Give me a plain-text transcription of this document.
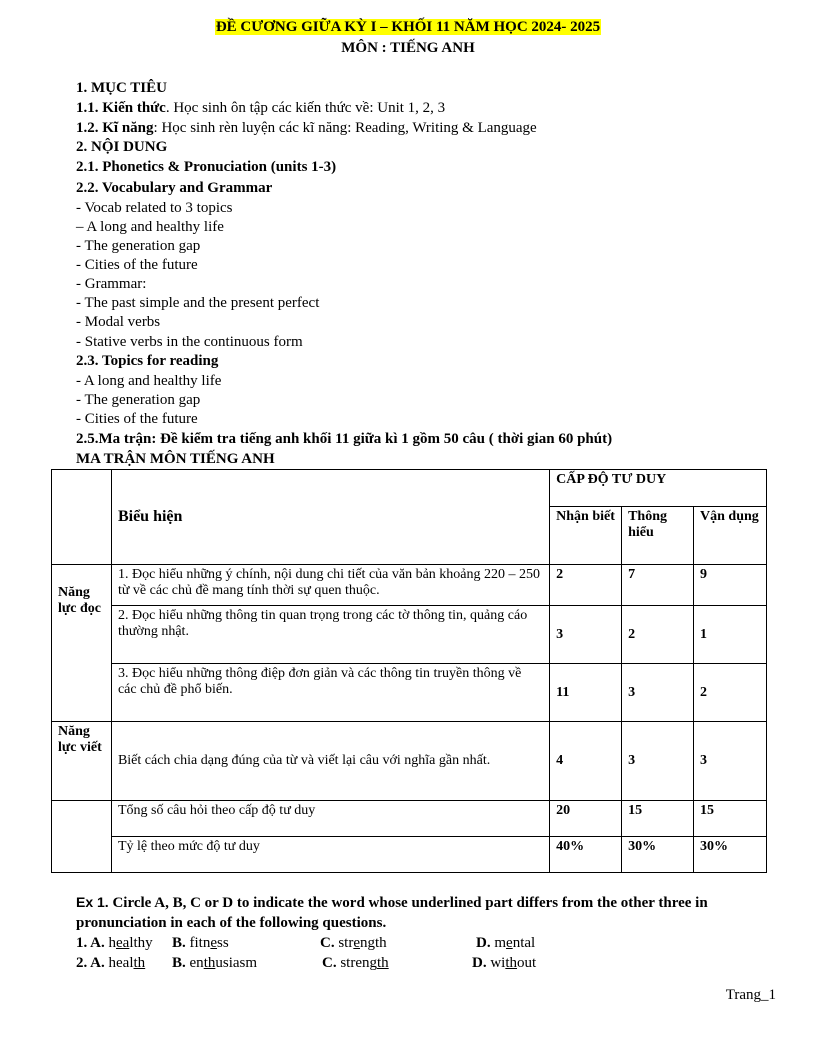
ĐỀ CƯƠNG GIỮA KỲ I – KHỐI 11 NĂM HỌC 2024- 2025
MÔN : TIẾNG ANH
1. MỤC TIÊU
1.1. Kiến thức. Học sinh ôn tập các kiến thức về: Unit 1, 2, 3
1.2. Kĩ năng: Học sinh rèn luyện các kĩ năng: Reading, Writing & Language
2. NỘI DUNG
2.1. Phonetics & Pronuciation (units 1-3)
2.2. Vocabulary and Grammar
- Vocab related to 3 topics
– A long and healthy life
- The generation gap
- Cities of the future
- Grammar:
- The past simple and the present perfect
- Modal verbs
- Stative verbs in the continuous form
2.3. Topics for reading
- A long and healthy life
- The generation gap
- Cities of the future
2.5.Ma trận: Đề kiểm tra tiếng anh khối 11 giữa kì 1 gồm 50 câu ( thời gian 60 phút)
MA TRẬN MÔN TIẾNG ANH
	Biểu hiện	CẤP ĐỘ TƯ DUY		
		Nhận biết	Thông hiểu	Vận dụng
Năng lực đọc	1. Đọc hiểu những ý chính, nội dung chi tiết của văn bản khoảng 220 – 250 từ về các chủ đề mang tính thời sự quen thuộc.	2	7	9
	2. Đọc hiểu những thông tin quan trọng trong các tờ thông tin, quảng cáo thường nhật.	3	2	1
	3. Đọc hiểu những thông điệp đơn giản và các thông tin truyền thông về các chủ đề phổ biến.	11	3	2
Năng lực viết	Biết cách chia dạng đúng của từ và viết lại câu với nghĩa gần nhất.	4	3	3
	Tổng số câu hỏi theo cấp độ tư duy	20	15	15
	Tỷ lệ theo mức độ tư duy	40%	30%	30%
Ex 1. Circle A, B, C or D to indicate the word whose underlined part differs from the other three in
pronunciation in each of the following questions.
1. A. healthy B. fitness	C. strength	D. mental
2. A. health B. enthusiasm	C. strength	D. without
Trang_1
